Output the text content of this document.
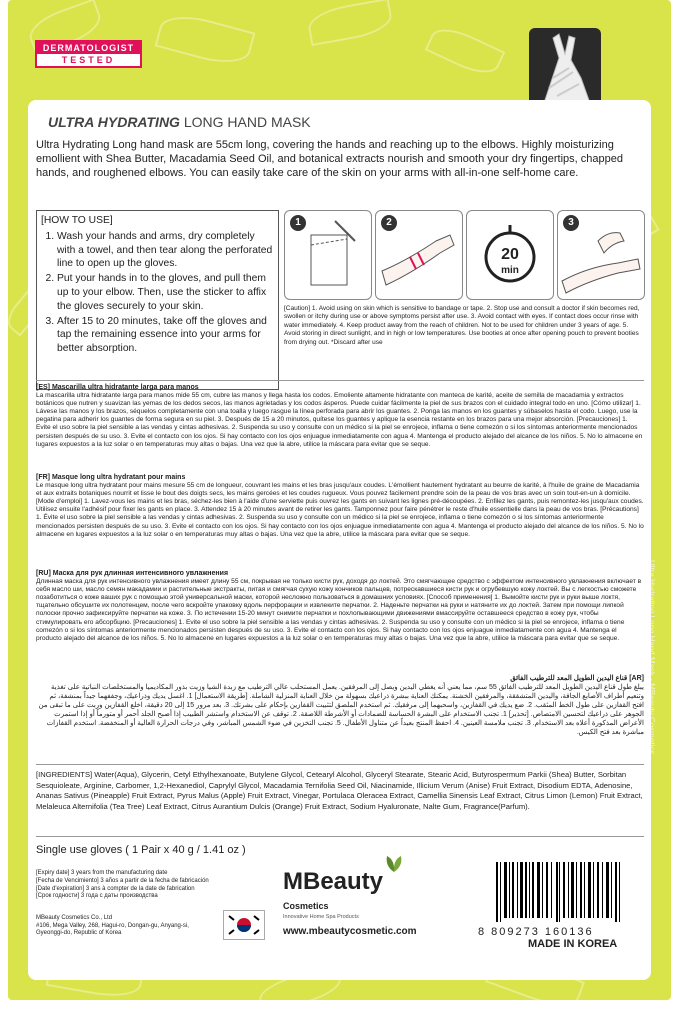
DERMATOLOGIST
TESTED
ULTRA HYDRATING LONG HAND MASK
Ultra Hydrating Long hand mask are 55cm long, covering the hands and reaching up to the elbows. Highly moisturizing emollient with Shea Butter, Macadamia Seed Oil, and botanical extracts nourish and smooth your dry fingertips, chapped hands, and roughened elbows. You can easily take care of the skin on your arms with all-in-one self-home care.
[HOW TO USE]
1. Wash your hands and arms, dry completely with a towel, and then tear along the perforated line to open up the gloves.
2. Put your hands in to the gloves, and pull them up to your elbow. Then, use the sticker to affix the gloves securely to your skin.
3. After 15 to 20 minutes, take off the gloves and tap the remaining essence into your arms for better absorption.
1	2
20
min
3
[Caution] 1. Avoid using on skin which is sensitive to bandage or tape. 2. Stop use and consult a doctor if skin becomes red, swollen or itchy during use or above symptoms persist after use. 3. Avoid contact with eyes. If contact does occur rinse with water immediately. 4. Keep product away from the reach of children. Not to be used for children under 3 years of age. 5. Avoid storing in direct sunlight, and in high or low temperatures. Use booties at once after opening pouch to prevent booties from drying out. *Discard after use
[ES] Mascarilla ultra hidratante larga para manos
La mascarilla ultra hidratante larga para manos mide 55 cm, cubre las manos y llega hasta los codos. Emoliente altamente hidratante con manteca de karité, aceite de semilla de macadamia y extractos botánicos que nutren y suavizan las yemas de los dedos secos, las manos agrietadas y los codos ásperos. Puede cuidar fácilmente la piel de sus brazos con el cuidado integral todo en uno. [Cómo utilizar] 1. Lávese las manos y los brazos, séquelos completamente con una toalla y luego rasgue la línea perforada para abrir los guantes. 2. Ponga las manos en los guantes y súbaselos hasta el codo. Luego, use la pegatina para adherir los guantes de forma segura en su piel. 3. Después de 15 a 20 minutos, quítese los guantes y aplique la esencia restante en los brazos para una mejor absorción. [Precauciones] 1. Evite el uso sobre la piel sensible a las vendas y cintas adhesivas. 2. Suspenda su uso y consulte con un médico si la piel se enrojece, inflama o tiene comezón o si los síntomas anteriormente mencionados persisten después de su uso. 3. Evite el contacto con los ojos. Si hay contacto con los ojos enjuague inmediatamente con agua 4. Mantenga el producto alejado del alcance de los niños. 5. No lo almacene en lugares expuestos a la luz solar o en temperaturas muy altas o bajas. Una vez que la abre, utilice la máscara para evitar que se seque.
[FR] Masque long ultra hydratant pour mains
Le masque long ultra hydratant pour mains mesure 55 cm de longueur, couvrant les mains et les bras jusqu'aux coudes. L'émollient hautement hydratant au beurre de karité, à l'huile de graine de Macadamia et aux extraits botaniques nourrit et lisse le bout des doigts secs, les mains gercées et les coudes rugueux. Vous pouvez facilement prendre soin de la peau de vos bras avec un soin tout-en-un à domicile. [Mode d'emploi] 1. Lavez-vous les mains et les bras, séchez-les bien à l'aide d'une serviette puis ouvrez les gants en suivant les lignes pré-découpées. 2. Enfilez les gants, puis remontez-les jusqu'aux coudes. Utilisez ensuite l'adhésif pour fixer les gants en place. 3. Attendez 15 à 20 minutes avant de retirer les gants. Tamponnez pour faire pénétrer le reste d'huile essentielle dans la peau de vos bras. [Précautions] 1. Évite el uso sobre la piel sensible a las vendas y cintas adhesivas. 2. Suspenda su uso y consulte con un médico si la piel se enrojece, inflama o tiene comezón o si los síntomas anteriormente mencionados persisten después de su uso. 3. Evite el contacto con los ojos. Si hay contacto con los ojos enjuague inmediatamente con agua 4. Mantenga el producto alejado del alcance de los niños. 5. No lo almacene en lugares expuestos a la luz solar o en temperaturas muy altas o bajas. Una vez que la abre, utilice la máscara para evitar que se seque.
[RU] Маска для рук длинная интенсивного увлажнения
Длинная маска для рук интенсивного увлажнения имеет длину 55 см, покрывая не только кисти рук, доходя до локтей. Это смягчающее средство с эффектом интенсивного увлажнения включает в себя масло ши, масло семян макадамии и растительные экстракты, питая и смягчая сухую кожу кончиков пальцев, потрескавшиеся кисти рук и огрубевшую кожу локтей. Вы с легкостью сможете позаботиться о коже ваших рук с помощью этой универсальной маски, которой несложно пользоваться в домашних условиях. [Способ применения] 1. Вымойте кисти рук и руки выше локтя, тщательно обсушите их полотенцем, после чего вскройте упаковку вдоль перфорации и извлеките перчатки. 2. Наденьте перчатки на руки и натяните их до локтей. Затем при помощи липкой полоски прочно зафиксируйте перчатки на коже. 3. По истечении 15-20 минут снимите перчатки и похлопывающими движениями вмассируйте оставшееся средство в кожу рук, чтобы стимулировать его абсорбцию. [Precauciones] 1. Evite el uso sobre la piel sensible a las vendas y cintas adhesivas. 2. Suspenda su uso y consulte con un médico si la piel se enrojece, inflama o tiene comezón o si los síntomas anteriormente mencionados persisten después de su uso. 3. Evite el contacto con los ojos. Si hay contacto con los ojos enjuague inmediatamente con agua 4. Mantenga el producto alejado del alcance de los niños. 5. No lo almacene en lugares expuestos a la luz solar o en temperaturas muy altas o bajas. Una vez que la abre, utilice la máscara para evitar que se seque.
[AR] قناع اليدين الطويل المعد للترطيب الفائق
يبلغ طول قناع اليدين الطويل المعد للترطيب الفائق 55 سم، مما يعني أنه يغطي اليدين ويصل إلى المرفقين. يعمل المستحلب عالي الترطيب مع زبدة الشيا وزيت بذور المكاديميا والمستخلصات النباتية على تغذية وتنعيم أطراف الأصابع الجافة، واليدين المتشققة، والمرفقين الخشنة. يمكنك العناية ببشرة ذراعيك بسهولة من خلال العناية المنزلية الشاملة. [طريقة الاستعمال] 1. اغسل يديك وذراعيك، وجففهما جيداً بمنشفة، ثم افتح القفازين على طول الخط المثقب. 2. ضع يديك في القفازين، واسحبهما إلى مرفقيك. ثم استخدم الملصق لتثبيت القفازين بإحكام على بشرتك. 3. بعد مرور 15 إلى 20 دقيقة، اخلع القفازين وربت على ما تبقى من الجوهر على ذراعيك لتحسين الامتصاص. [تحذير] 1. تجنب الاستخدام على البشرة الحساسة للضمادات أو الأشرطة اللاصقة. 2. توقف عن الاستخدام واستشر الطبيب إذا أصبح الجلد أحمر أو متورماً أو إذا استمرت الأعراض المذكورة أعلاه بعد الاستخدام. 3. تجنب ملامسة العينين. 4. احفظ المنتج بعيداً عن متناول الأطفال. 5. تجنب التخزين في ضوء الشمس المباشر، وفي درجات الحرارة العالية أو المنخفضة. استخدم القفازات مباشرة بعد فتح الكيس.
[INGREDIENTS] Water(Aqua), Glycerin, Cetyl Ethylhexanoate, Butylene Glycol, Cetearyl Alcohol, Glyceryl Stearate, Stearic Acid, Butyrospermum Parkii (Shea) Butter, Sorbitan Sesquioleate, Arginine, Carbomer, 1,2-Hexanediol, Caprylyl Glycol, Macadamia Ternifolia Seed Oil, Niacinamide, Illicium Verum (Anise) Fruit Extract, Disodium EDTA, Adenosine, Ananas Sativus (Pineapple) Fruit Extract, Pyrus Malus (Apple) Fruit Extract, Vinegar, Portulaca Oleracea Extract, Camellia Sinensis Leaf Extract, Citrus Limon (Lemon) Fruit Extract, Melaleuca Alternifolia (Tea Tree) Leaf Extract, Citrus Aurantium Dulcis (Orange) Fruit Extract, Sodium Hyaluronate, Nalte Gum, Fragrance(Parfum).
Single use gloves ( 1 Pair x 40 g / 1.41 oz )
[Expiry date] 3 years from the manufacturing date
[Fecha de Vencimiento] 3 años a partir de la fecha de fabricación
[Date d'expiration] 3 ans à compter de la date de fabrication
[Срок годности] 3 года с даты производства
MBeauty Cosmetics Co., Ltd
#106, Mega Valley, 268, Hagui-ro, Dongan-gu, Anyang-si, Gyeonggi-do, Republic of Korea
MBeauty Cosmetics
Innovative Home Spa Products
www.mbeautycosmetic.com	8 809273 160136
MADE IN KOREA
Ultra Hydrating Long Hand Mask - MBeauty Cosmetics
